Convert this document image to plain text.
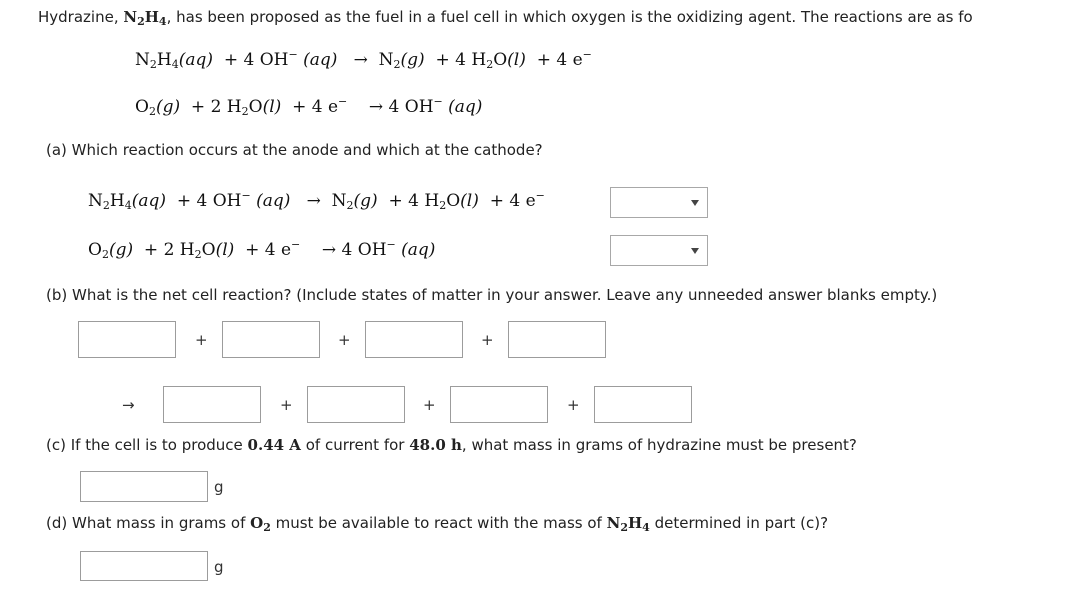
Hydrazine, $N_2H_4$, has been proposed as the fuel in a fuel cell in which oxygen is the oxidizing agent. The reactions are as fo
$N_2H_4(aq) + 4$ OH− $(aq) \to N_2(g) + 4$ $H_2O(l) + 4$ e−
$O_2(g) + 2$ $H_2O(l) + 4$ e− → 4 OH− (aq)
(a) Which reaction occurs at the anode and which at the cathode?
$N_2H_4(aq) + 4$ OH− $(aq) \to N_2(g) + 4$ $H_2O(l) + 4$ e−
$O_2(g) + 2$ $H_2O(l) + 4$ e− → 4 OH− (aq)
(b) What is the net cell reaction? (Include states of matter in your answer. Leave any unneeded answer blanks empty.)
+	+	+
→	+	+	+
(c) If the cell is to produce 0.44 A of current for 48.0 h, what mass in grams of hydrazine must be present?
g
(d) What mass in grams of $O_2$ must be available to react with the mass of $N_2H_4$ determined in part (c)?
g
